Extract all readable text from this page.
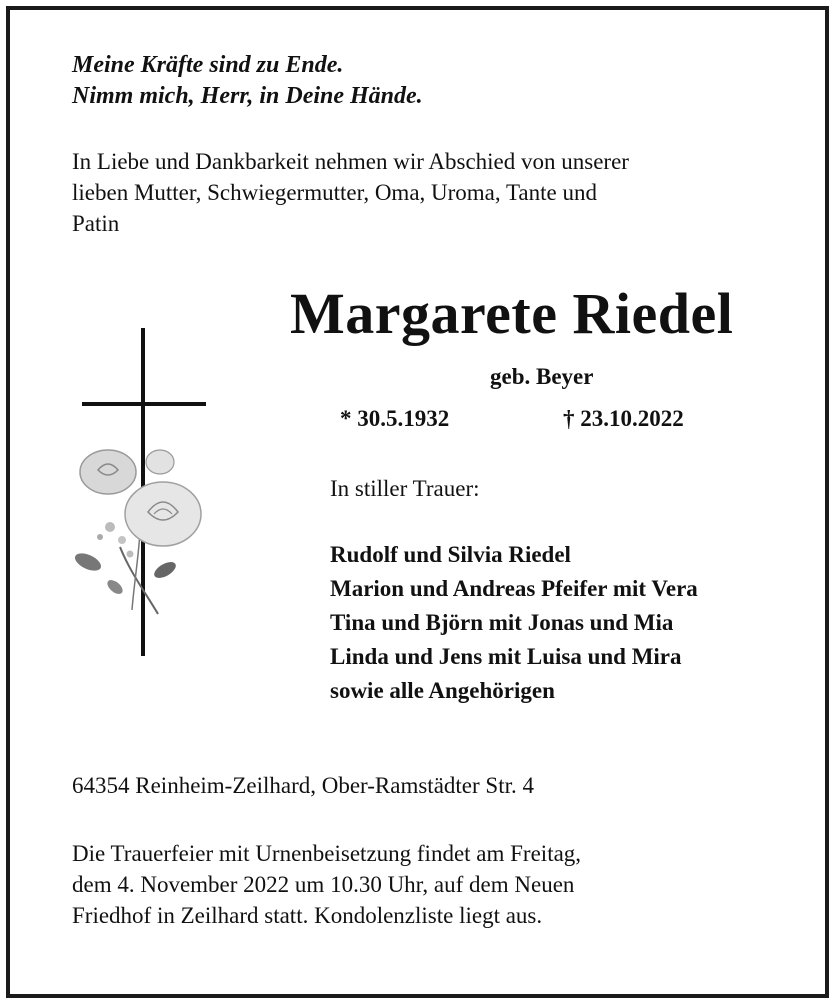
Meine Kräfte sind zu Ende.
Nimm mich, Herr, in Deine Hände.
In Liebe und Dankbarkeit nehmen wir Abschied von unserer
lieben Mutter, Schwiegermutter, Oma, Uroma, Tante und
Patin
Margarete Riedel
geb. Beyer
* 30.5.1932	† 23.10.2022
In stiller Trauer:
Rudolf und Silvia Riedel
Marion und Andreas Pfeifer mit Vera
Tina und Björn mit Jonas und Mia
Linda und Jens mit Luisa und Mira
sowie alle Angehörigen
64354 Reinheim-Zeilhard, Ober-Ramstädter Str. 4
Die Trauerfeier mit Urnenbeisetzung findet am Freitag,
dem 4. November 2022 um 10.30 Uhr, auf dem Neuen
Friedhof in Zeilhard statt. Kondolenzliste liegt aus.
